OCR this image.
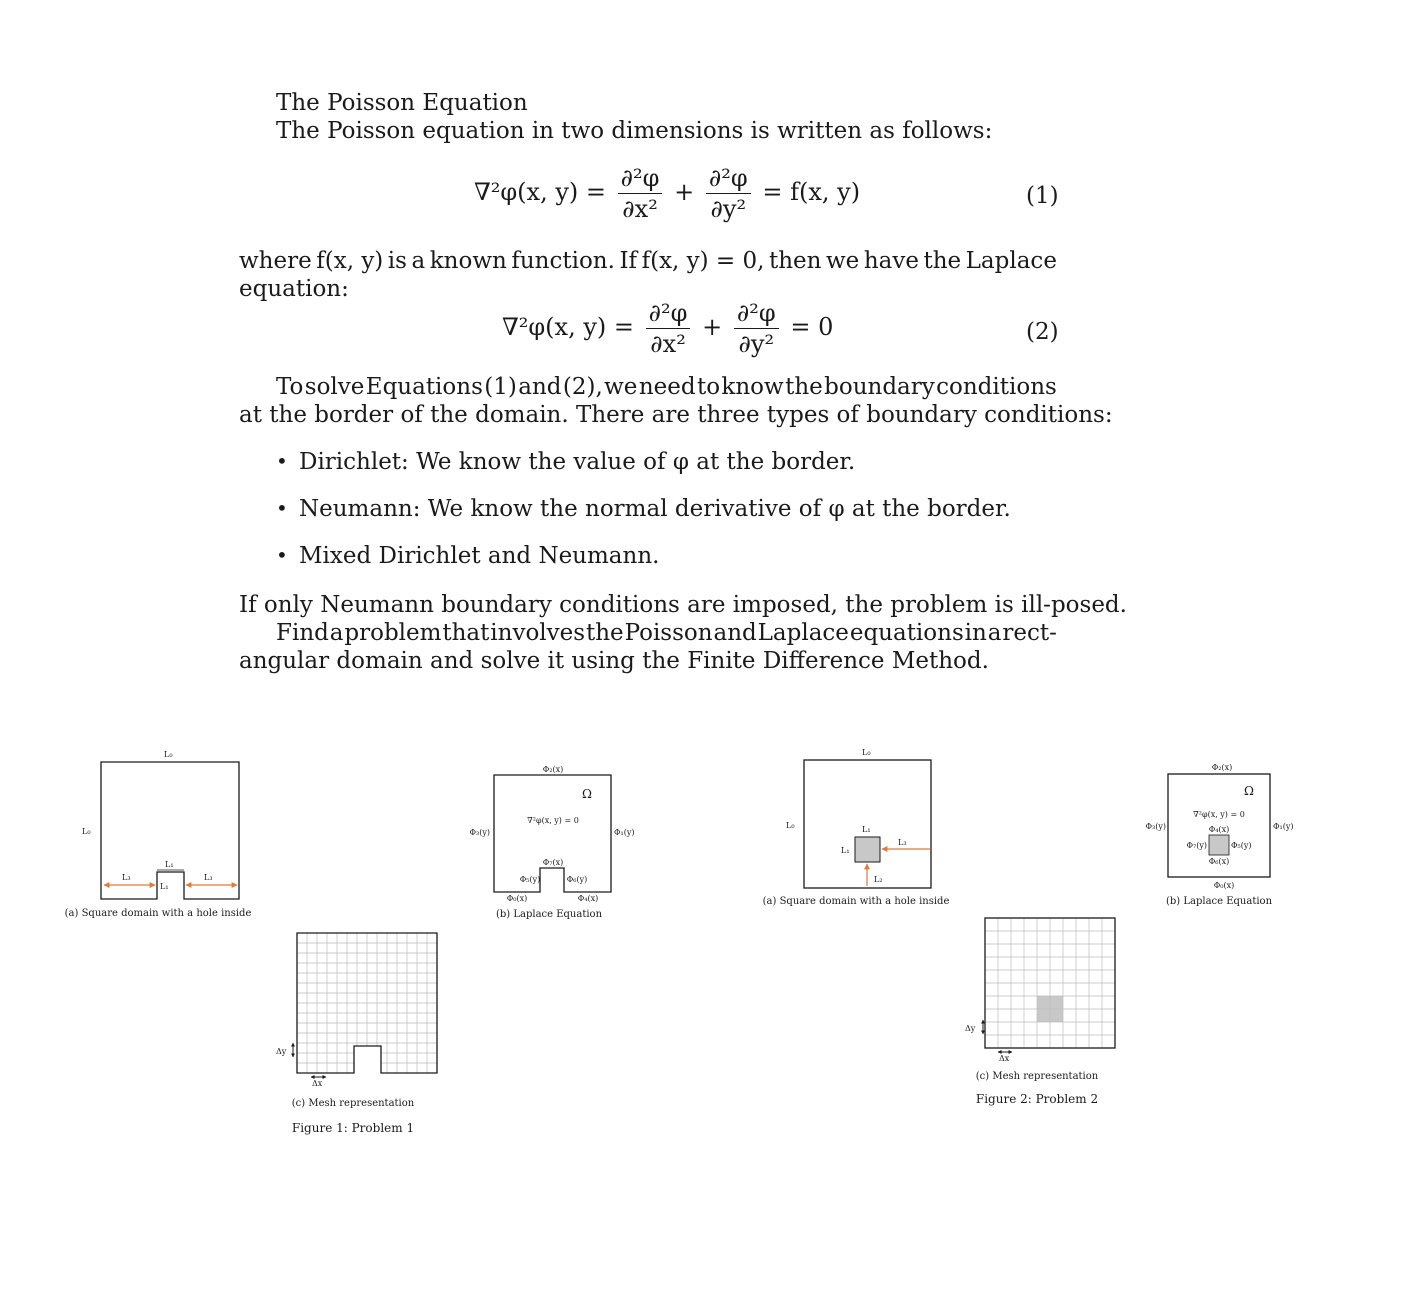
The Poisson Equation
The Poisson equation in two dimensions is written as follows:
∇²φ(x, $y) = \frac{\text{∂²φ}}{\text{∂x²}} + \frac{\text{∂²φ}}{\text{∂y²}} = f(x$, y)	(1)
where f(x, y) is a known function. If f(x, y) = 0, then we have the Laplace
equation:
∇²φ(x, $y) = \frac{\text{∂²φ}}{\text{∂x²}} + \frac{\text{∂²φ}}{\text{∂y²}} = 0$	(2)
To solve Equations (1) and (2), we need to know the boundary conditions
at the border of the domain. There are three types of boundary conditions:
• Dirichlet: We know the value of φ at the border.
• Neumann: We know the normal derivative of φ at the border.
• Mixed Dirichlet and Neumann.
If only Neumann boundary conditions are imposed, the problem is ill-posed.
Find a problem that involves the Poisson and Laplace equations in a rect-
angular domain and solve it using the Finite Difference Method.
L₀
L₀
L₁
L₁
L₃	L₃
(a) Square domain with a hole inside
Φ₂(x)
Ω
∇²φ(x, y) = 0
Φ₃(y)	Φ₁(y)
Φ₇(x)
Φ₅(y)	Φ₆(y)
Φ₀(x)	Φ₄(x)
(b) Laplace Equation
Δy
Δx
(c) Mesh representation
Figure 1: Problem 1
L₀
L₀	L₁
L₁
L₃
L₂
(a) Square domain with a hole inside
Φ₂(x)
Ω
∇²φ(x, y) = 0
Φ₃(y)	Φ₁(y)
Φ₄(x)
Φ₇(y)	Φ₅(y)
Φ₆(x)
Φ₀(x)
(b) Laplace Equation
Δy
Δx
(c) Mesh representation
Figure 2: Problem 2
